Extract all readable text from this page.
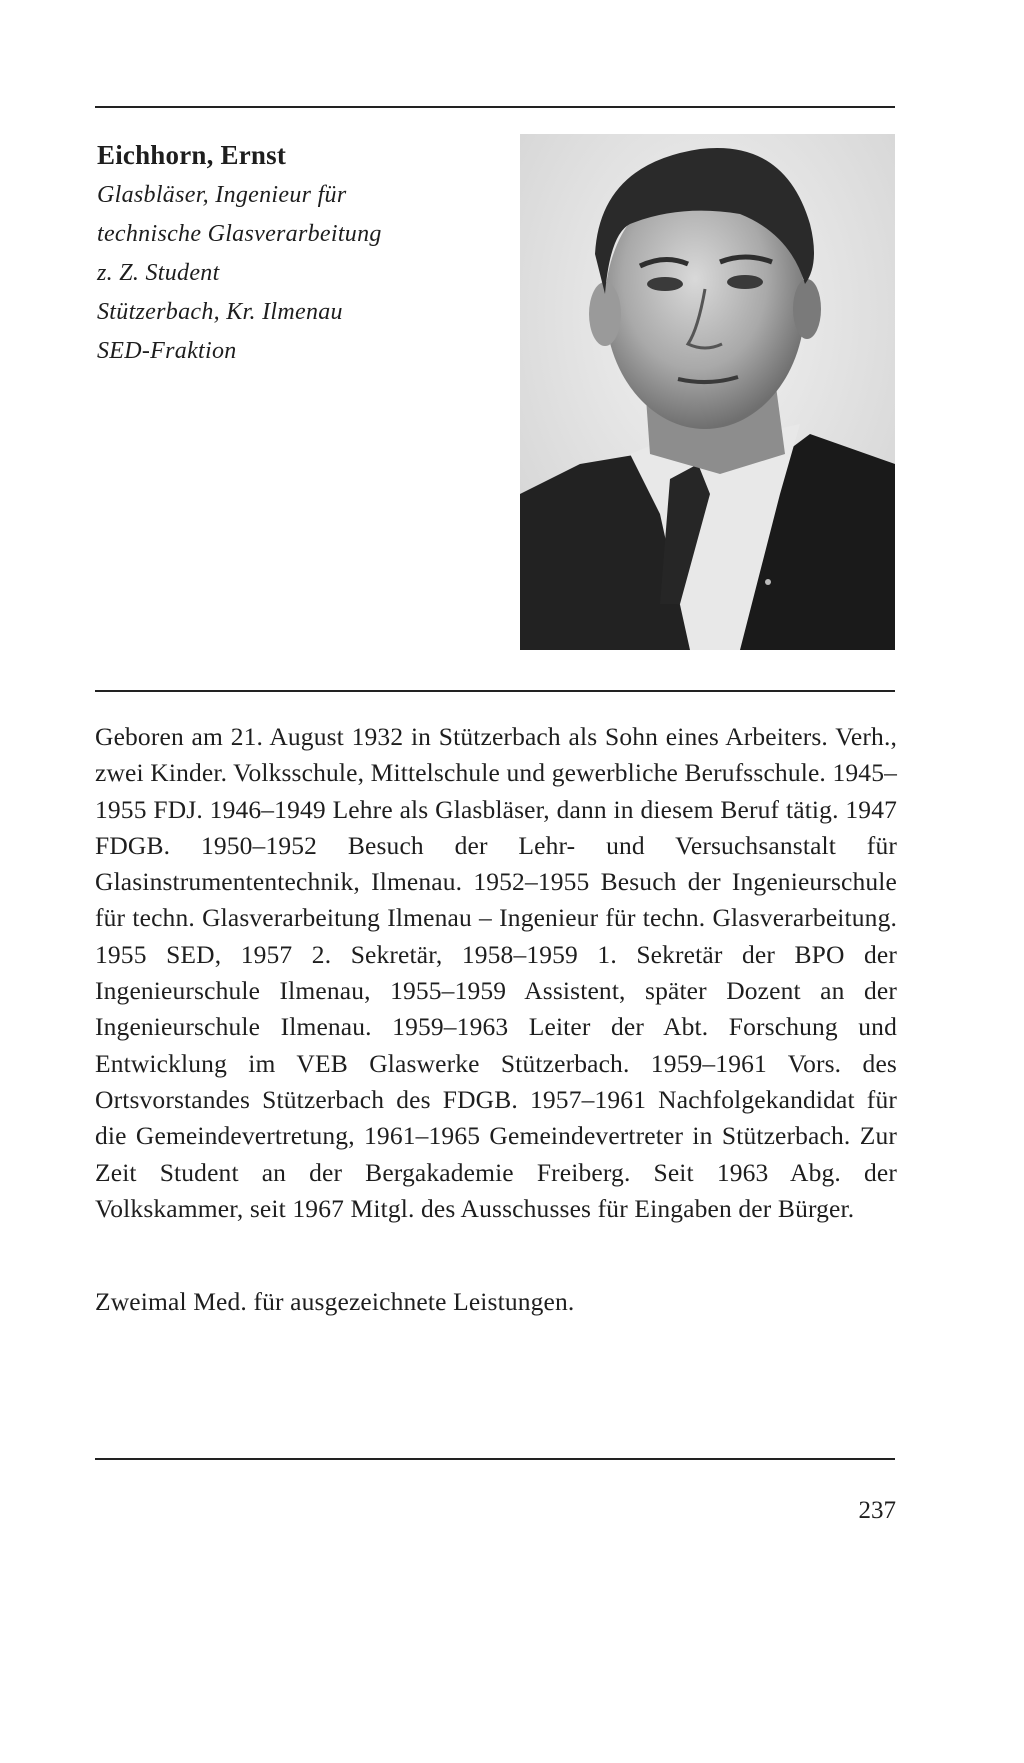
Eichhorn, Ernst

Glasbläser, Ingenieur für

technische Glasverarbeitung

z. Z. Student

Stützerbach, Kr. Ilmenau

SED-Fraktion

Geboren am 21. August 1932 in Stützerbach als Sohn eines Arbeiters. Verh., zwei Kinder. Volksschule, Mittelschule und gewerbliche Berufsschule. 1945–1955 FDJ. 1946–1949 Lehre als Glasbläser, dann in diesem Beruf tätig. 1947 FDGB. 1950–1952 Besuch der Lehr- und Versuchsanstalt für Glasinstrumententechnik, Ilmenau. 1952–1955 Besuch der Ingenieurschule für techn. Glasverarbeitung Ilmenau – Ingenieur für techn. Glasverarbeitung. 1955 SED, 1957 2. Sekretär, 1958–1959 1. Sekretär der BPO der Ingenieurschule Ilmenau, 1955–1959 Assistent, später Dozent an der Ingenieurschule Ilmenau. 1959–1963 Leiter der Abt. Forschung und Entwicklung im VEB Glaswerke Stützerbach. 1959–1961 Vors. des Ortsvorstandes Stützerbach des FDGB. 1957–1961 Nachfolgekandidat für die Gemeindevertretung, 1961–1965 Gemeindevertreter in Stützerbach. Zur Zeit Student an der Bergakademie Freiberg. Seit 1963 Abg. der Volkskammer, seit 1967 Mitgl. des Ausschusses für Eingaben der Bürger.

Zweimal Med. für ausgezeichnete Leistungen.

237
